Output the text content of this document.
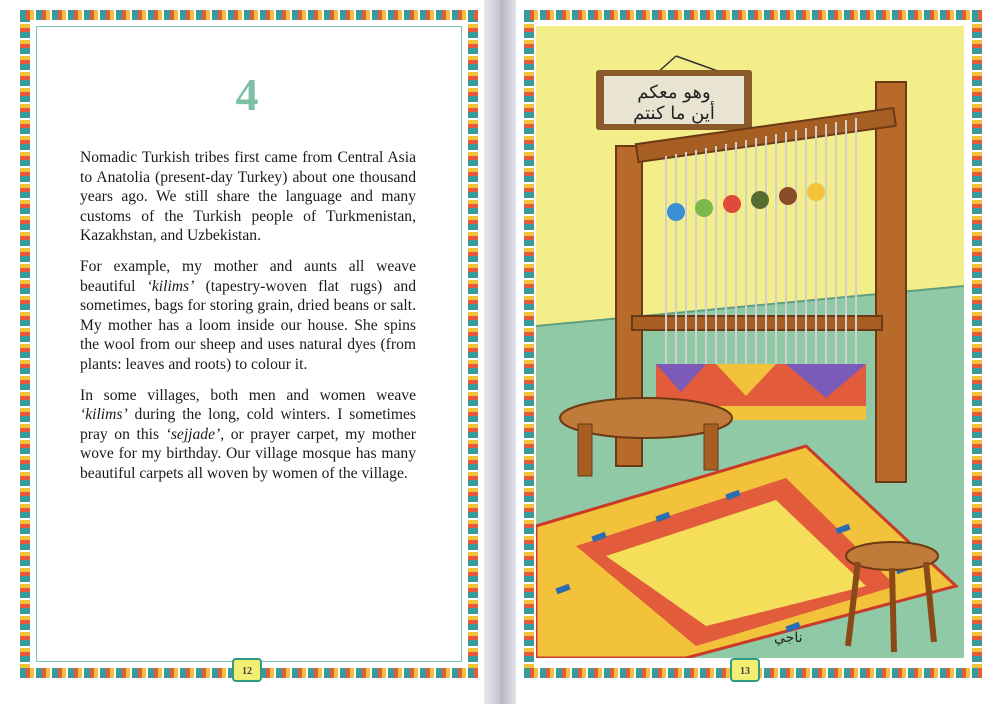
4

Nomadic Turkish tribes first came from Central Asia to Anatolia (present-day Turkey) about one thousand years ago. We still share the language and many customs of the Turkish people of Turkmenistan, Kazakhstan, and Uzbekistan.

For example, my mother and aunts all weave beautiful ‘kilims’ (tapestry-woven flat rugs) and sometimes, bags for storing grain, dried beans or salt. My mother has a loom inside our house. She spins the wool from our sheep and uses natural dyes (from plants: leaves and roots) to colour it.

In some villages, both men and women weave ‘kilims’ during the long, cold winters. I sometimes pray on this ‘sejjade’, or prayer carpet, my mother wove for my birthday. Our village mosque has many beautiful carpets all woven by women of the village.

12
وهو معكم
أين ما كنتم
ناجي
13
